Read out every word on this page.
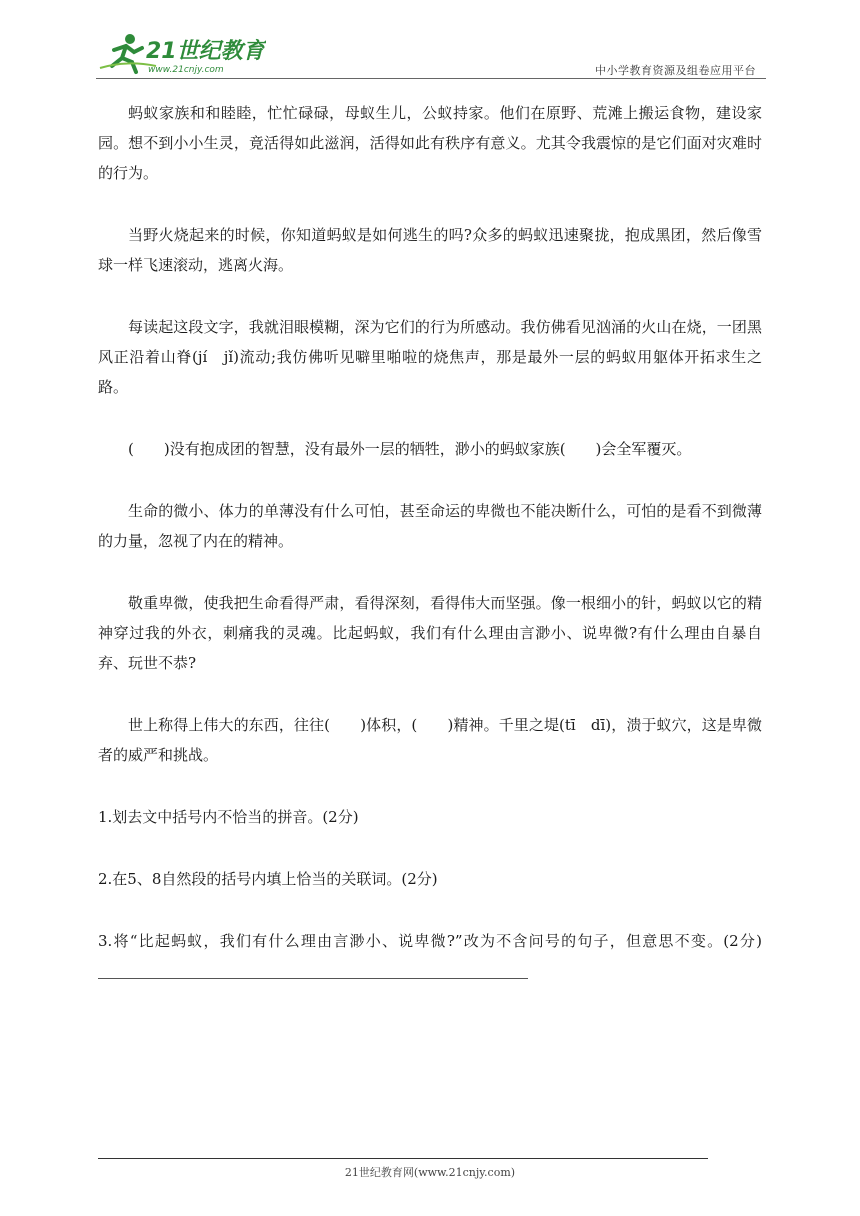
21世纪教育
www.21cnjy.com	中小学教育资源及组卷应用平台

蚂蚁家族和和睦睦，忙忙碌碌，母蚁生儿，公蚁持家。他们在原野、荒滩上搬运食物，建设家园。想不到小小生灵，竟活得如此滋润，活得如此有秩序有意义。尤其令我震惊的是它们面对灾难时的行为。

当野火烧起来的时候，你知道蚂蚁是如何逃生的吗?众多的蚂蚁迅速聚拢，抱成黑团，然后像雪球一样飞速滚动，逃离火海。

每读起这段文字，我就泪眼模糊，深为它们的行为所感动。我仿佛看见汹涌的火山在烧，一团黑风正沿着山脊(jí　jǐ)流动;我仿佛听见噼里啪啦的烧焦声，那是最外一层的蚂蚁用躯体开拓求生之路。

(　　)没有抱成团的智慧，没有最外一层的牺牲，渺小的蚂蚁家族(　　)会全军覆灭。

生命的微小、体力的单薄没有什么可怕，甚至命运的卑微也不能决断什么，可怕的是看不到微薄的力量，忽视了内在的精神。

敬重卑微，使我把生命看得严肃，看得深刻，看得伟大而坚强。像一根细小的针，蚂蚁以它的精神穿过我的外衣，刺痛我的灵魂。比起蚂蚁，我们有什么理由言渺小、说卑微?有什么理由自暴自弃、玩世不恭?

世上称得上伟大的东西，往往(　　)体积，(　　)精神。千里之堤(tī　dī)，溃于蚁穴，这是卑微者的威严和挑战。

1.划去文中括号内不恰当的拼音。(2分)

2.在5、8自然段的括号内填上恰当的关联词。(2分)

3.将“比起蚂蚁，我们有什么理由言渺小、说卑微?”改为不含问号的句子，但意思不变。(2分)

21世纪教育网(www.21cnjy.com)
